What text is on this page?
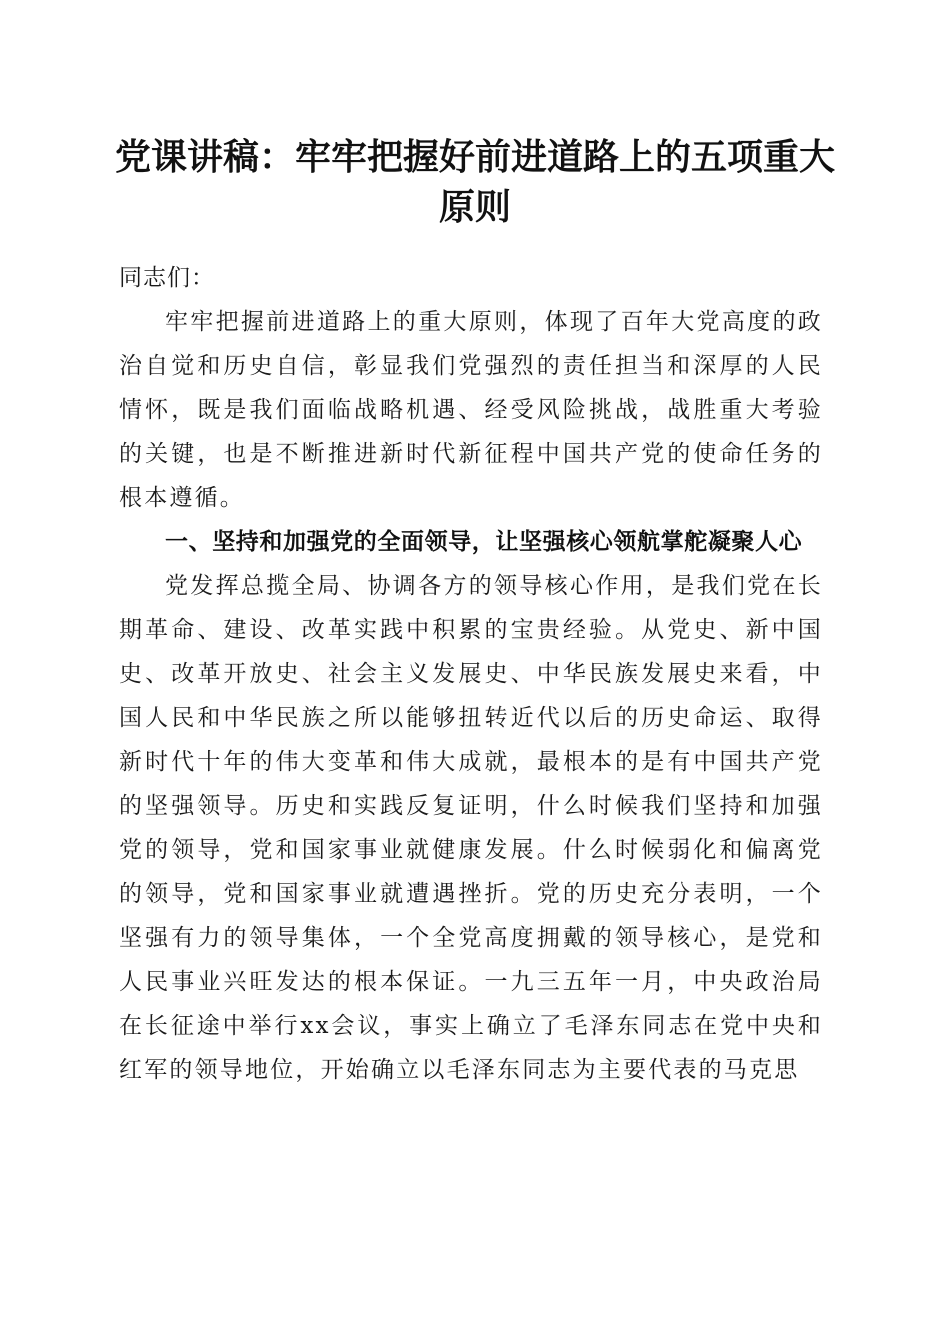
党课讲稿：牢牢把握好前进道路上的五项重大原则

同志们：

牢牢把握前进道路上的重大原则，体现了百年大党高度的政治自觉和历史自信，彰显我们党强烈的责任担当和深厚的人民情怀，既是我们面临战略机遇、经受风险挑战，战胜重大考验的关键，也是不断推进新时代新征程中国共产党的使命任务的根本遵循。

一、坚持和加强党的全面领导，让坚强核心领航掌舵凝聚人心

党发挥总揽全局、协调各方的领导核心作用，是我们党在长期革命、建设、改革实践中积累的宝贵经验。从党史、新中国史、改革开放史、社会主义发展史、中华民族发展史来看，中国人民和中华民族之所以能够扭转近代以后的历史命运、取得新时代十年的伟大变革和伟大成就，最根本的是有中国共产党的坚强领导。历史和实践反复证明，什么时候我们坚持和加强党的领导，党和国家事业就健康发展。什么时候弱化和偏离党的领导，党和国家事业就遭遇挫折。党的历史充分表明，一个坚强有力的领导集体，一个全党高度拥戴的领导核心，是党和人民事业兴旺发达的根本保证。一九三五年一月，中央政治局在长征途中举行xx会议，事实上确立了毛泽东同志在党中央和红军的领导地位，开始确立以毛泽东同志为主要代表的马克思
